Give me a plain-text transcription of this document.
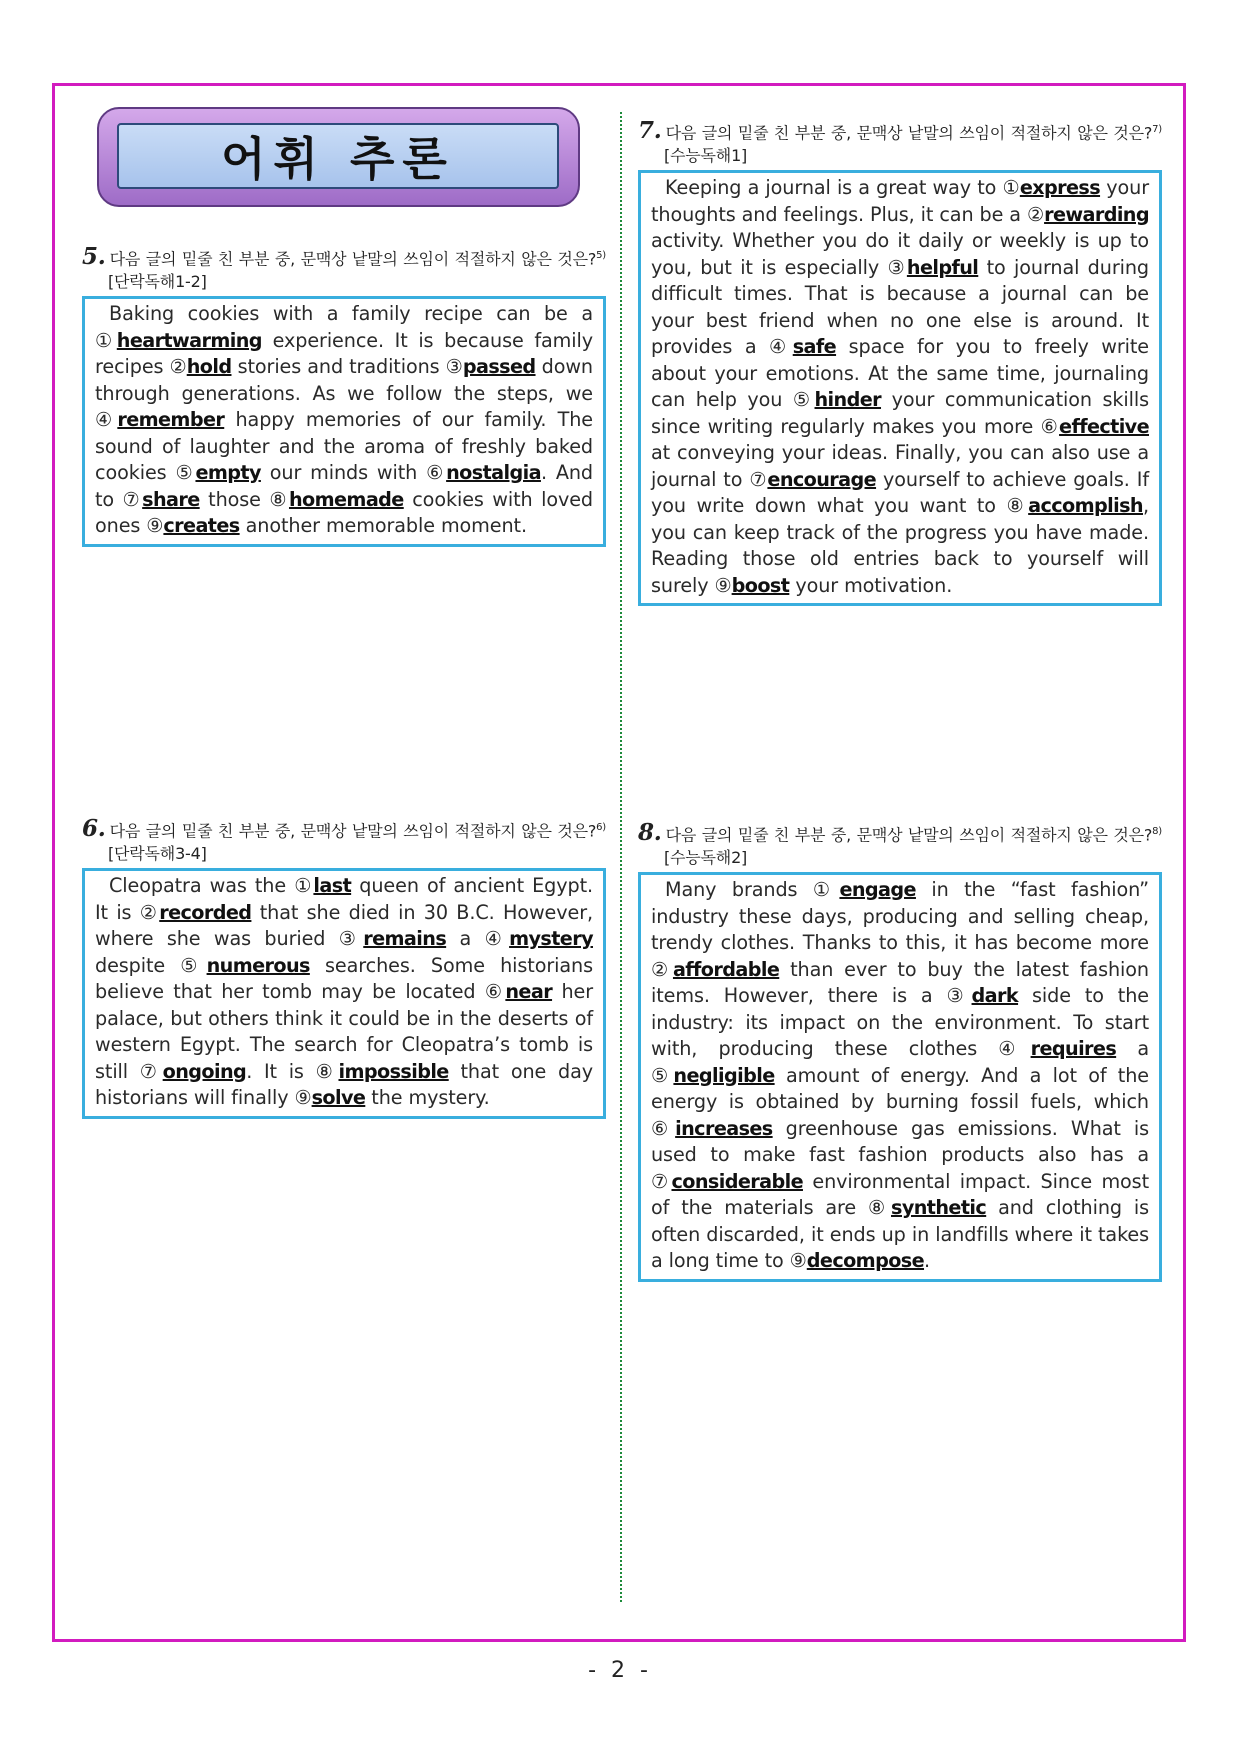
어휘 추론
5. 다음 글의 밑줄 친 부분 중, 문맥상 낱말의 쓰임이 적절하지 않은 것은?$^{5)}$ [단락독해1-2]

Baking cookies with a family recipe can be a ①heartwarming experience. It is because family recipes ②hold stories and traditions ③passed down through generations. As we follow the steps, we ④remember happy memories of our family. The sound of laughter and the aroma of freshly baked cookies ⑤empty our minds with ⑥nostalgia. And to ⑦share those ⑧homemade cookies with loved ones ⑨creates another memorable moment.

6. 다음 글의 밑줄 친 부분 중, 문맥상 낱말의 쓰임이 적절하지 않은 것은?$^{6)}$ [단락독해3-4]

Cleopatra was the ①last queen of ancient Egypt. It is ②recorded that she died in 30 B.C. However, where she was buried ③remains a ④mystery despite ⑤numerous searches. Some historians believe that her tomb may be located ⑥near her palace, but others think it could be in the deserts of western Egypt. The search for Cleopatra’s tomb is still ⑦ongoing. It is ⑧impossible that one day historians will finally ⑨solve the mystery.

7. 다음 글의 밑줄 친 부분 중, 문맥상 낱말의 쓰임이 적절하지 않은 것은?$^{7)}$ [수능독해1]

Keeping a journal is a great way to ①express your thoughts and feelings. Plus, it can be a ②rewarding activity. Whether you do it daily or weekly is up to you, but it is especially ③helpful to journal during difficult times. That is because a journal can be your best friend when no one else is around. It provides a ④safe space for you to freely write about your emotions. At the same time, journaling can help you ⑤hinder your communication skills since writing regularly makes you more ⑥effective at conveying your ideas. Finally, you can also use a journal to ⑦encourage yourself to achieve goals. If you write down what you want to ⑧accomplish, you can keep track of the progress you have made. Reading those old entries back to yourself will surely ⑨boost your motivation.

8. 다음 글의 밑줄 친 부분 중, 문맥상 낱말의 쓰임이 적절하지 않은 것은?$^{8)}$ [수능독해2]

Many brands ①engage in the “fast fashion” industry these days, producing and selling cheap, trendy clothes. Thanks to this, it has become more ②affordable than ever to buy the latest fashion items. However, there is a ③dark side to the industry: its impact on the environment. To start with, producing these clothes ④requires a ⑤negligible amount of energy. And a lot of the energy is obtained by burning fossil fuels, which ⑥increases greenhouse gas emissions. What is used to make fast fashion products also has a ⑦considerable environmental impact. Since most of the materials are ⑧synthetic and clothing is often discarded, it ends up in landfills where it takes a long time to ⑨decompose.

- 2 -
